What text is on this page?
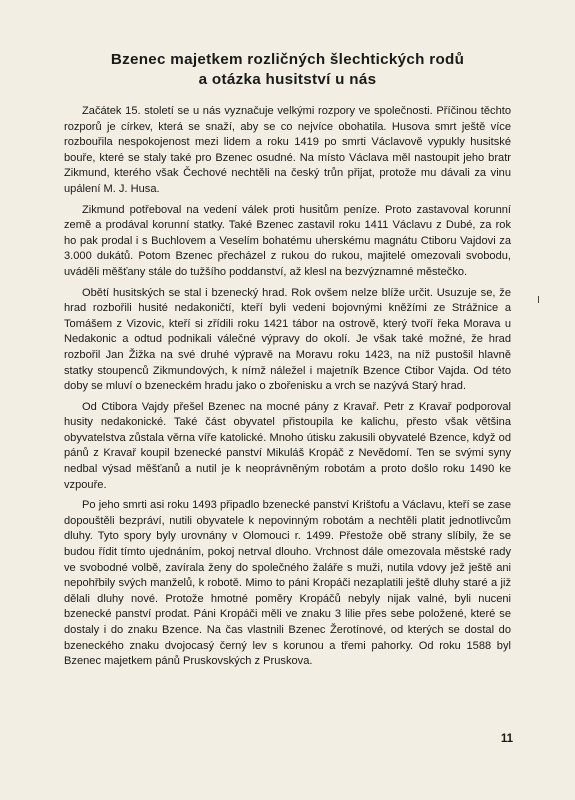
Bzenec majetkem rozličných šlechtických rodů
a otázka husitství u nás

Začátek 15. století se u nás vyznačuje velkými rozpory ve společnosti. Příčinou těchto rozporů je církev, která se snaží, aby se co nejvíce obohatila. Husova smrt ještě více rozbouřila nespokojenost mezi lidem a roku 1419 po smrti Václavově vypukly husitské bouře, které se staly také pro Bzenec osudné. Na místo Václava měl nastoupit jeho bratr Zikmund, kterého však Čechové nechtěli na český trůn přijat, protože mu dávali za vinu upálení M. J. Husa.

Zikmund potřeboval na vedení válek proti husitům peníze. Proto zastavoval korunní země a prodával korunní statky. Také Bzenec zastavil roku 1411 Václavu z Dubé, za rok ho pak prodal i s Buchlovem a Veselím bohatému uherskému magnátu Ctiboru Vajdovi za 3.000 dukátů. Potom Bzenec přecházel z rukou do rukou, majitelé omezovali svobodu, uváděli měšťany stále do tužšího poddanství, až klesl na bezvýznamné městečko.

Obětí husitských se stal i bzenecký hrad. Rok ovšem nelze blíže určit. Usuzuje se, že hrad rozbořili husité nedakoničtí, kteří byli vedeni bojovnými kněžími ze Strážnice a Tomášem z Vizovic, kteří si zřídili roku 1421 tábor na ostrově, který tvoří řeka Morava u Nedakonic a odtud podnikali válečné výpravy do okolí. Je však také možné, že hrad rozbořil Jan Žižka na své druhé výpravě na Moravu roku 1423, na níž pustošil hlavně statky stoupenců Zikmundových, k nímž náležel i majetník Bzence Ctibor Vajda. Od této doby se mluví o bzeneckém hradu jako o zbořenisku a vrch se nazývá Starý hrad.

Od Ctibora Vajdy přešel Bzenec na mocné pány z Kravař. Petr z Kravař podporoval husity nedakonické. Také část obyvatel přistoupila ke kalichu, přesto však většina obyvatelstva zůstala věrna víře katolické. Mnoho útisku zakusili obyvatelé Bzence, když od pánů z Kravař koupil bzenecké panství Mikuláš Kropáč z Nevědomí. Ten se svými syny nedbal výsad měšťanů a nutil je k neoprávněným robotám a proto došlo roku 1490 ke vzpouře.

Po jeho smrti asi roku 1493 připadlo bzenecké panství Krištofu a Václavu, kteří se zase dopouštěli bezpráví, nutili obyvatele k nepovinným robotám a nechtěli platit jednotlivcům dluhy. Tyto spory byly urovnány v Olomouci r. 1499. Přestože obě strany slíbily, že se budou řídit tímto ujednáním, pokoj netrval dlouho. Vrchnost dále omezovala městské rady ve svobodné volbě, zavírala ženy do společného žaláře s muži, nutila vdovy jež ještě ani nepohřbily svých manželů, k robotě. Mimo to páni Kropáči nezaplatili ještě dluhy staré a již dělali dluhy nové. Protože hmotné poměry Kropáčů nebyly nijak valné, byli nuceni bzenecké panství prodat. Páni Kropáči měli ve znaku 3 lilie přes sebe položené, které se dostaly i do znaku Bzence. Na čas vlastnili Bzenec Žerotínové, od kterých se dostal do bzeneckého znaku dvojocasý černý lev s korunou a třemi pahorky. Od roku 1588 byl Bzenec majetkem pánů Pruskovských z Pruskova.

11
